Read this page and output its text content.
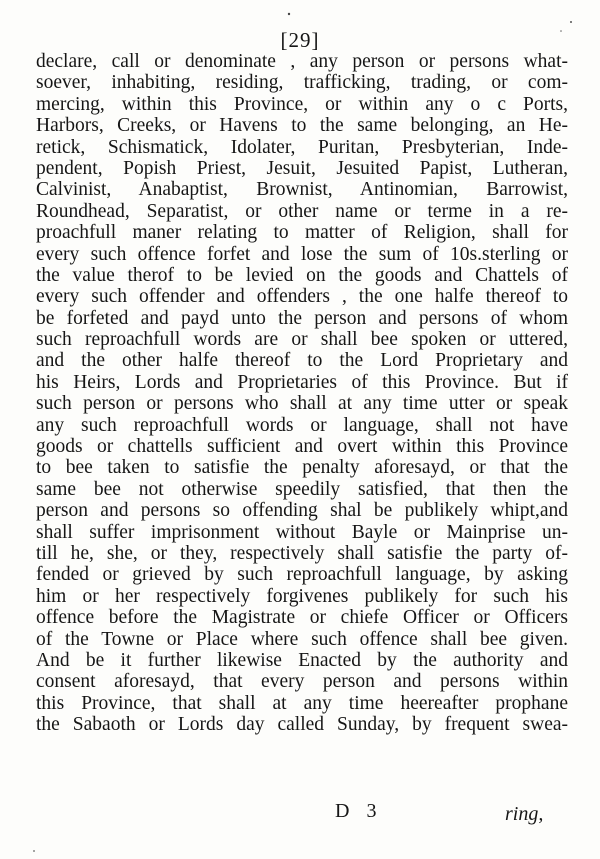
[29]
declare, call or denominate , any person or persons what-
soever, inhabiting, residing, trafficking, trading, or com-
mercing, within this Province, or within any o c Ports,
Harbors, Creeks, or Havens to the same belonging, an He-
retick, Schismatick, Idolater, Puritan, Presbyterian, Inde-
pendent, Popish Priest, Jesuit, Jesuited Papist, Lutheran,
Calvinist, Anabaptist, Brownist, Antinomian, Barrowist,
Roundhead, Separatist, or other name or terme in a re-
proachfull maner relating to matter of Religion, shall for
every such offence forfet and lose the sum of 10s.sterling or
the value therof to be levied on the goods and Chattels of
every such offender and offenders , the one halfe thereof to
be forfeted and payd unto the person and persons of whom
such reproachfull words are or shall bee spoken or uttered,
and the other halfe thereof to the Lord Proprietary and
his Heirs, Lords and Proprietaries of this Province. But if
such person or persons who shall at any time utter or speak
any such reproachfull words or language, shall not have
goods or chattells sufficient and overt within this Province
to bee taken to satisfie the penalty aforesayd, or that the
same bee not otherwise speedily satisfied, that then the
person and persons so offending shal be publikely whipt,and
shall suffer imprisonment without Bayle or Mainprise un-
till he, she, or they, respectively shall satisfie the party of-
fended or grieved by such reproachfull language, by asking
him or her respectively forgivenes publikely for such his
offence before the Magistrate or chiefe Officer or Officers
of the Towne or Place where such offence shall bee given.
And be it further likewise Enacted by the authority and
consent aforesayd, that every person and persons within
this Province, that shall at any time heereafter prophane
the Sabaoth or Lords day called Sunday, by frequent swea-
D 3	ring,
